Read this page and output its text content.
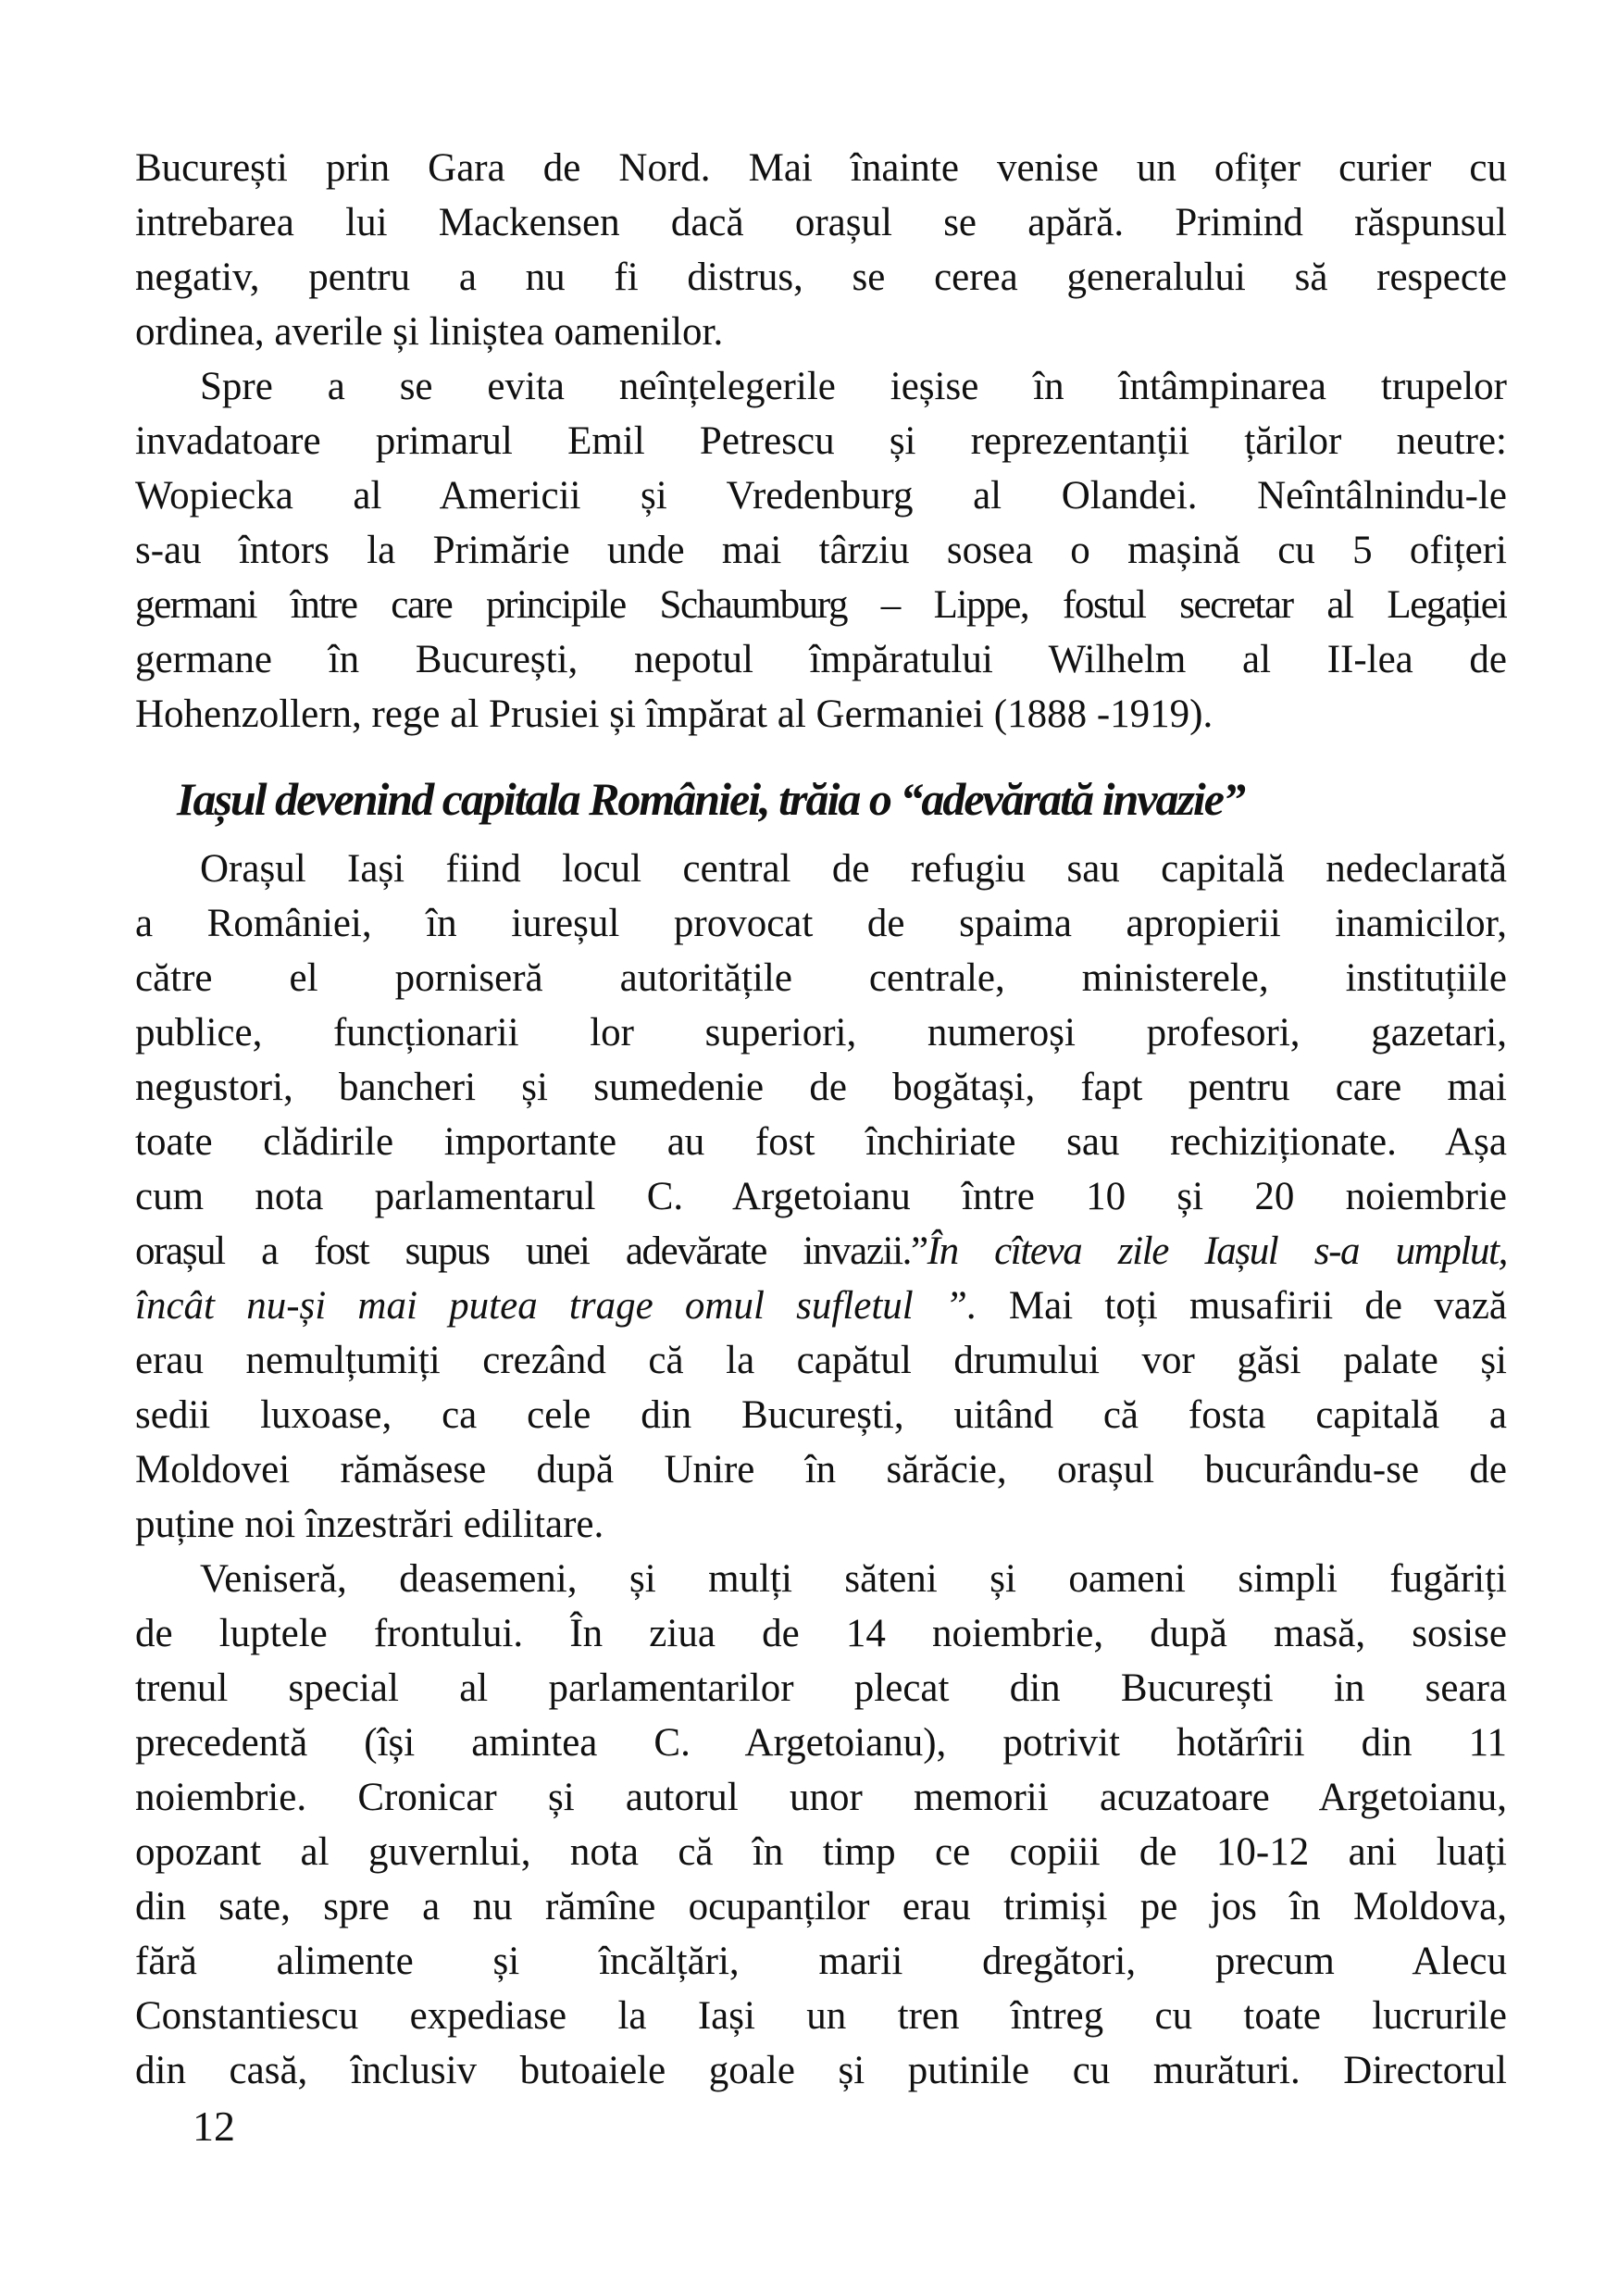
București prin Gara de Nord. Mai înainte venise un ofițer curier cu
intrebarea lui Mackensen dacă orașul se apără. Primind răspunsul
negativ, pentru a nu fi distrus, se cerea generalului să respecte
ordinea, averile și liniștea oamenilor.
Spre a se evita neînțelegerile ieșise în întâmpinarea trupelor
invadatoare primarul Emil Petrescu și reprezentanții țărilor neutre:
Wopiecka al Americii și Vredenburg al Olandei. Neîntâlnindu-le
s-au întors la Primărie unde mai târziu sosea o mașină cu 5 ofițeri
germani între care principile Schaumburg – Lippe, fostul secretar al Legației
germane în București, nepotul împăratului Wilhelm al II-lea de
Hohenzollern, rege al Prusiei și împărat al Germaniei (1888 -1919).
Iașul devenind capitala României, trăia o “adevărată invazie”
Orașul Iași fiind locul central de refugiu sau capitală nedeclarată
a României, în iureșul provocat de spaima apropierii inamicilor,
către el porniseră autoritățile centrale, ministerele, instituțiile
publice, funcționarii lor superiori, numeroși profesori, gazetari,
negustori, bancheri și sumedenie de bogătași, fapt pentru care mai
toate clădirile importante au fost închiriate sau rechiziționate. Așa
cum nota parlamentarul C. Argetoianu între 10 și 20 noiembrie
orașul a fost supus unei adevărate invazii.”În cîteva zile Iașul s-a umplut,
încât nu-și mai putea trage omul sufletul ”. Mai toți musafirii de vază
erau nemulțumiți crezând că la capătul drumului vor găsi palate și
sedii luxoase, ca cele din București, uitând că fosta capitală a
Moldovei rămăsese după Unire în sărăcie, orașul bucurându-se de
puține noi înzestrări edilitare.
Veniseră, deasemeni, și mulți săteni și oameni simpli fugăriți
de luptele frontului. În ziua de 14 noiembrie, după masă, sosise
trenul special al parlamentarilor plecat din București in seara
precedentă (își amintea C. Argetoianu), potrivit hotărîrii din 11
noiembrie. Cronicar și autorul unor memorii acuzatoare Argetoianu,
opozant al guvernlui, nota că în timp ce copiii de 10-12 ani luați
din sate, spre a nu rămîne ocupanților erau trimiși pe jos în Moldova,
fără alimente și încălțări, marii dregători, precum Alecu
Constantiescu expediase la Iași un tren întreg cu toate lucrurile
din casă, înclusiv butoaiele goale și putinile cu murături. Directorul
12
